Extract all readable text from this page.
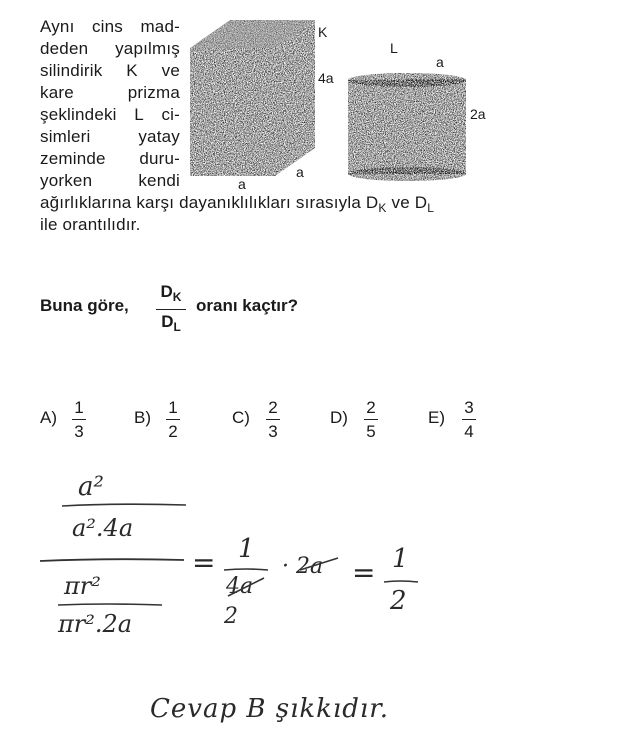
Aynı cins mad-
deden yapılmış
silindirik K ve
kare	prizma
şeklindeki L ci-
simleri	yatay
zeminde duru-
yorken	kendi
ağırlıklarına karşı dayanıklılıkları sırasıyla $D_K$ ve $D_L$
ile orantılıdır.
K
4a
a
a
L
a
2a
Buna göre,
$D_K$
$D_L$
oranı kaçtır?
A)
1
3
B)
1
2
C)
2
3
D)
2
5
E)
3
4
a²
a².4a
πr²
πr².2a
= 1
4a
2
· 2a = 1
2
Cevap B şıkkıdır.
